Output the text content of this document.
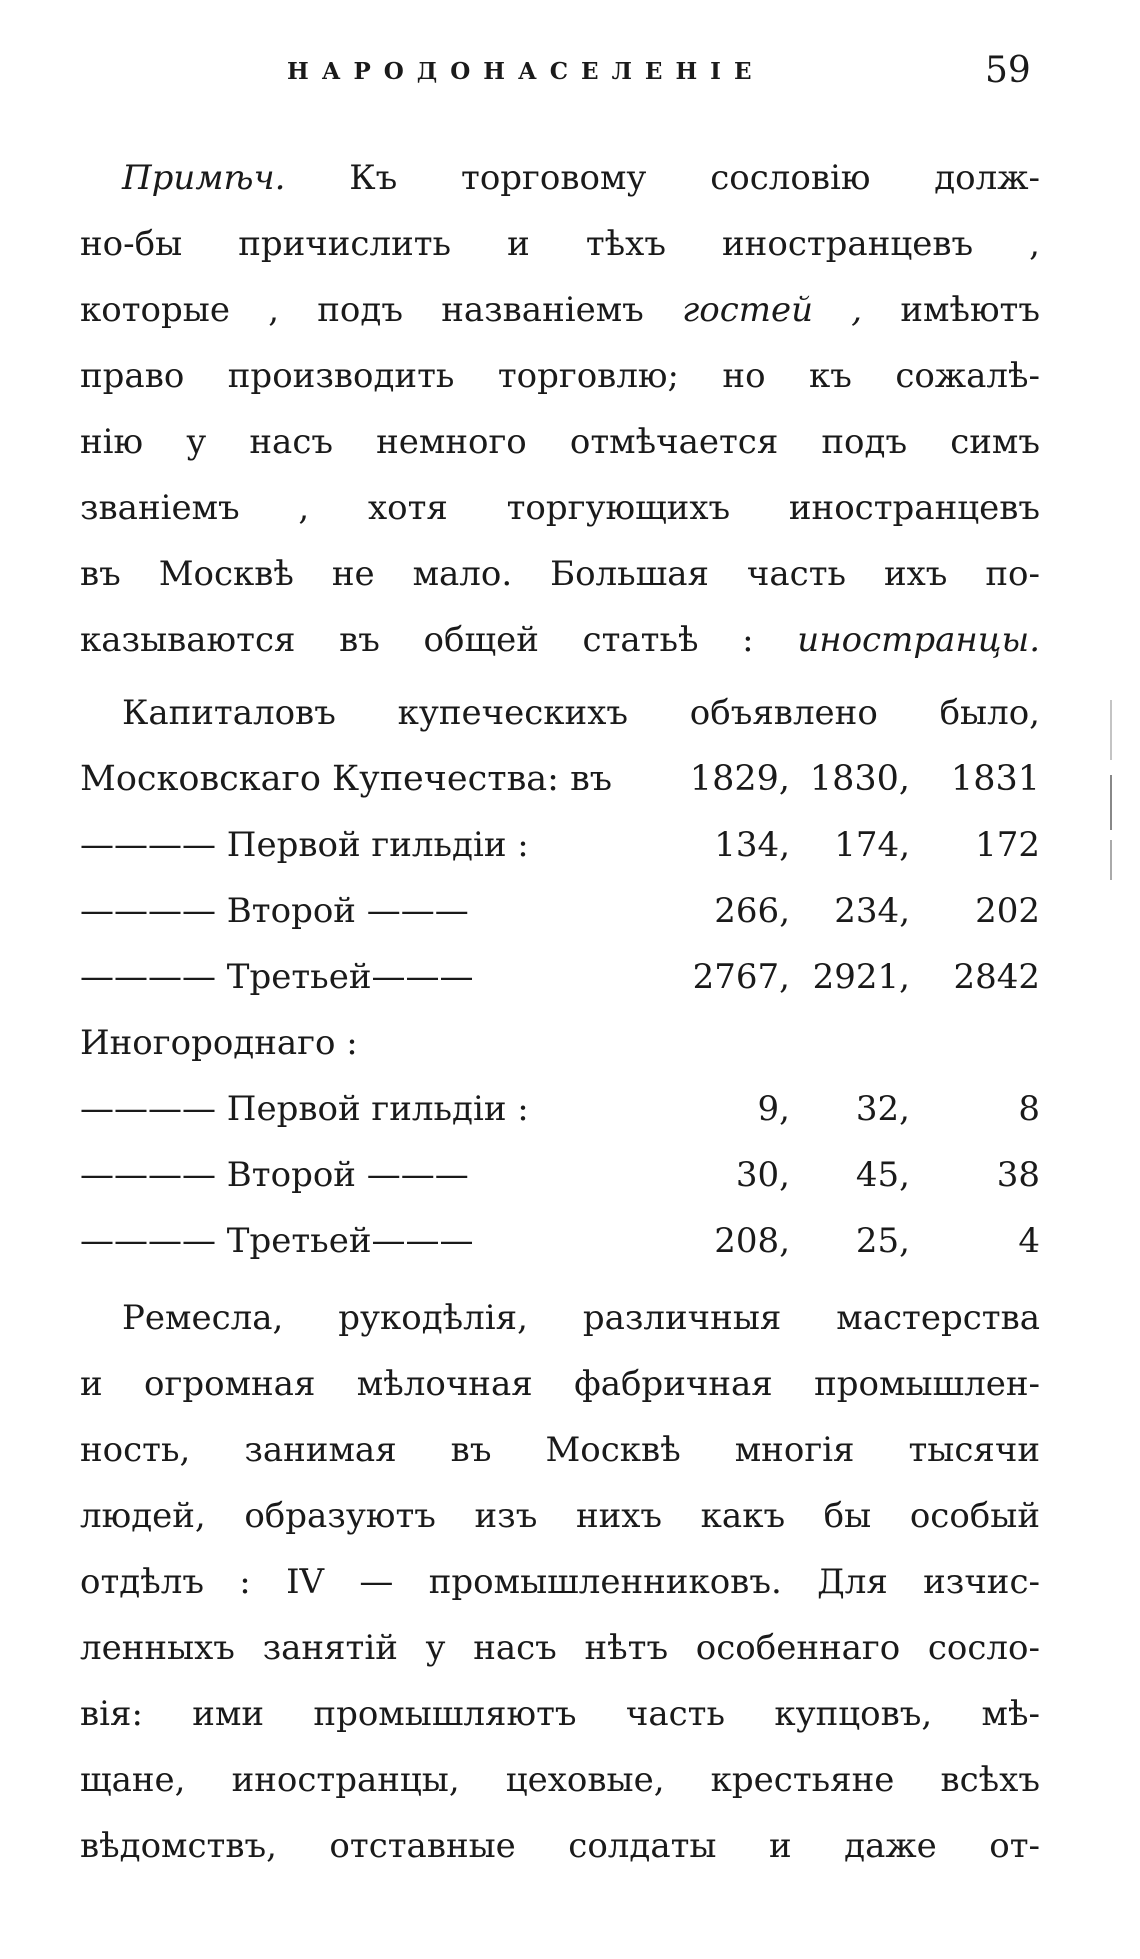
НАРОДОНАСЕЛЕНІЕ	59
Примѣч. Къ торговому сословію долж-
но-бы причислить и тѣхъ иностранцевъ ,
которые , подъ названіемъ гостей , имѣютъ
право производить торговлю; но къ сожалѣ-
нію у насъ немного отмѣчается подъ симъ
званіемъ , хотя торгующихъ иностранцевъ
въ Москвѣ не мало. Большая часть ихъ по-
казываются въ общей статьѣ : иностранцы.
Капиталовъ купеческихъ объявлено было,
Московскаго Купечества: въ 1829, 1830, 1831
———— Первой гильдіи :	134, 174, 172
———— Второй ———	266, 234, 202
———— Третьей———	2767, 2921, 2842
Иногороднаго :
———— Первой гильдіи :	9, 32,	8
———— Второй ———	30, 45,	38
———— Третьей———	208, 25,	4
Ремесла, рукодѣлія, различныя мастерства
и огромная мѣлочная фабричная промышлен-
ность, занимая въ Москвѣ многія тысячи
людей, образуютъ изъ нихъ какъ бы особый
отдѣлъ : IV — промышленниковъ. Для изчис-
ленныхъ занятій у насъ нѣтъ особеннаго сосло-
вія: ими промышляютъ часть купцовъ, мѣ-
щане, иностранцы, цеховые, крестьяне всѣхъ
вѣдомствъ, отставные солдаты и даже от-
